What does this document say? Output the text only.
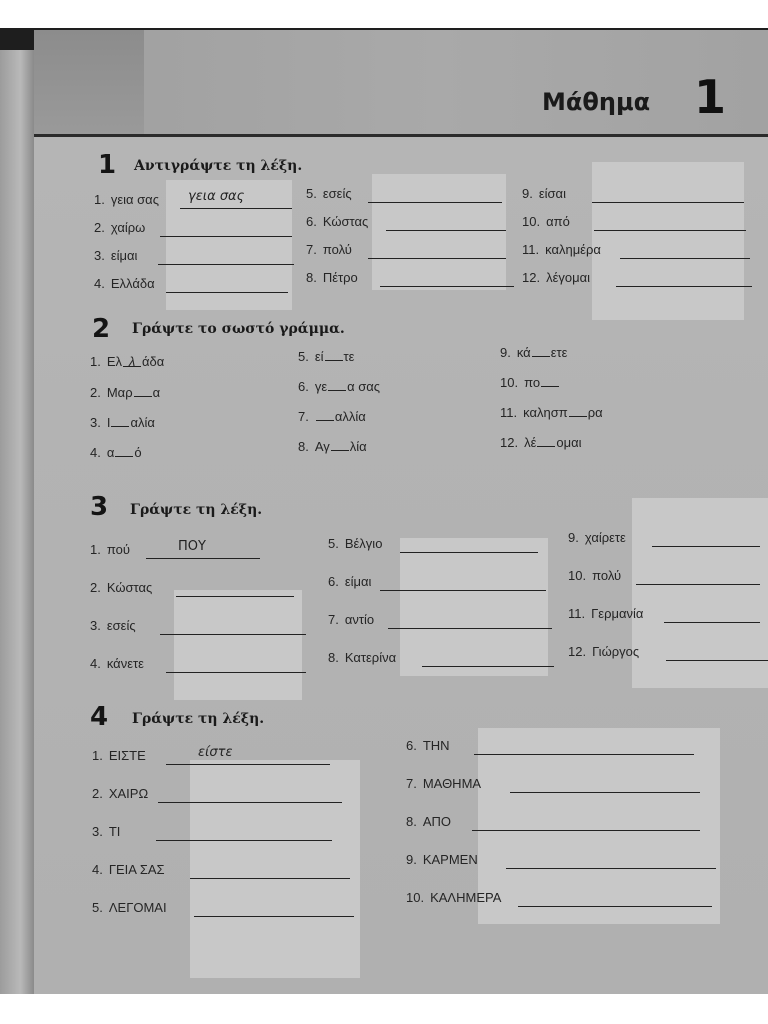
Μάθημα 1
1 Αντιγράψτε τη λέξη.
2 Γράψτε το σωστό γράμμα.
3 Γράψτε τη λέξη.
4 Γράψτε τη λέξη.
1. γεια σας γεια σας
2. χαίρω
3. είμαι
4. Ελλάδα
5. εσείς
6. Κώστας
7. πολύ
8. Πέτρο
9. είσαι
10. από
11. καλημέρα
12. λέγομαι
1. Ελ λ άδα
2. Μαρ α
3. Ι αλία
4. α ό
5. εί τε
6. γε α σας
7. αλλία
8. Αγ λία
9. κά ετε
10. πο
11. καλησπ ρα
12. λέ ομαι
1. πού	ΠΟΥ
2. Κώστας
3. εσείς
4. κάνετε
5. Βέλγιο
6. είμαι
7. αντίο
8. Κατερίνα
9. χαίρετε
10. πολύ
11. Γερμανία
12. Γιώργος
1. ΕΙΣΤΕ	είστε
2. ΧΑΙΡΩ
3. ΤΙ
4. ΓΕΙΑ ΣΑΣ
5. ΛΕΓΟΜΑΙ
6. ΤΗΝ
7. ΜΑΘΗΜΑ
8. ΑΠΟ
9. ΚΑΡΜΕΝ
10. ΚΑΛΗΜΕΡΑ
